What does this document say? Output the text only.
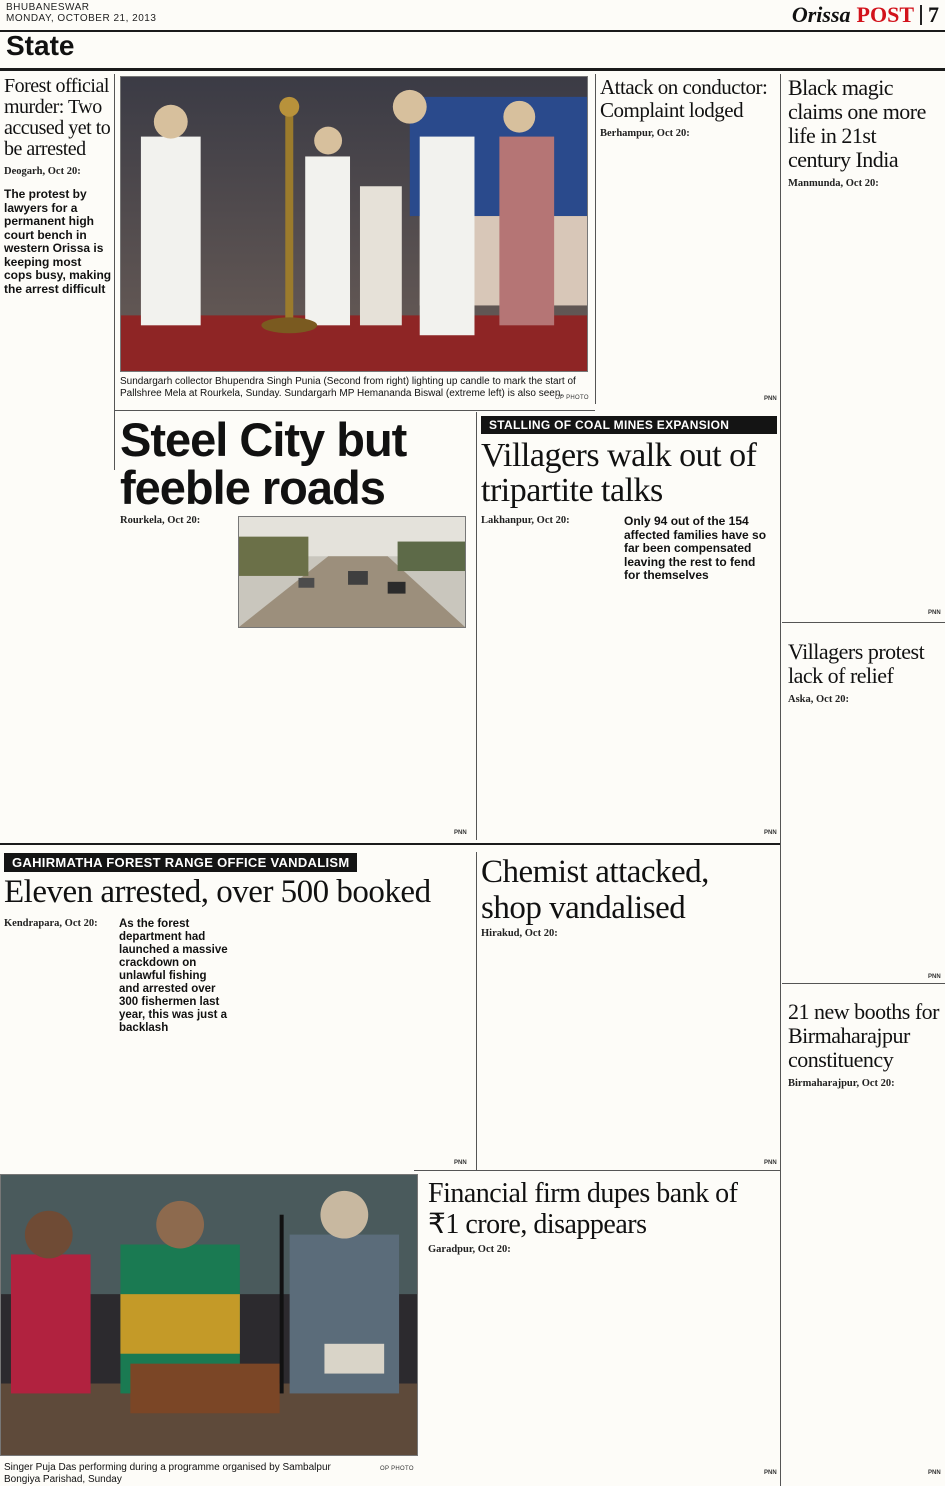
BHUBANESWAR
MONDAY, OCTOBER 21, 2013	Orissa POST 7
State
Forest official murder: Two accused yet to be arrested
Deogarh, Oct 20:
The protest by lawyers for a permanent high court bench in western Orissa is keeping most cops busy, making the arrest difficult
Sundargarh collector Bhupendra Singh Punia (Second from right) lighting up candle to mark the start of Pallshree Mela at Rourkela, Sunday. Sundargarh MP Hemananda Biswal (extreme left) is also seen.
OP PHOTO
Attack on conductor: Complaint lodged
Berhampur, Oct 20:
PNN
Black magic claims one more life in 21st century India
Manmunda, Oct 20:
PNN
Steel City but feeble roads
Rourkela, Oct 20:
PNN
STALLING OF COAL MINES EXPANSION
Villagers walk out of tripartite talks
Lakhanpur, Oct 20:	Only 94 out of the 154 affected families have so far been compensated leaving the rest to fend for themselves
PNN
Villagers protest lack of relief
Aska, Oct 20:
PNN
GAHIRMATHA FOREST RANGE OFFICE VANDALISM
Eleven arrested, over 500 booked
Kendrapara, Oct 20:	As the forest department had launched a massive crackdown on unlawful fishing and arrested over 300 fishermen last year, this was just a backlash
PNN
Chemist attacked, shop vandalised
Hirakud, Oct 20:
PNN
21 new booths for Birmaharajpur constituency
Birmaharajpur, Oct 20:
PNN
Financial firm dupes bank of ₹1 crore, disappears
Garadpur, Oct 20:
PNN
Singer Puja Das performing during a programme organised by Sambalpur Bongiya Parishad, Sunday
OP PHOTO
